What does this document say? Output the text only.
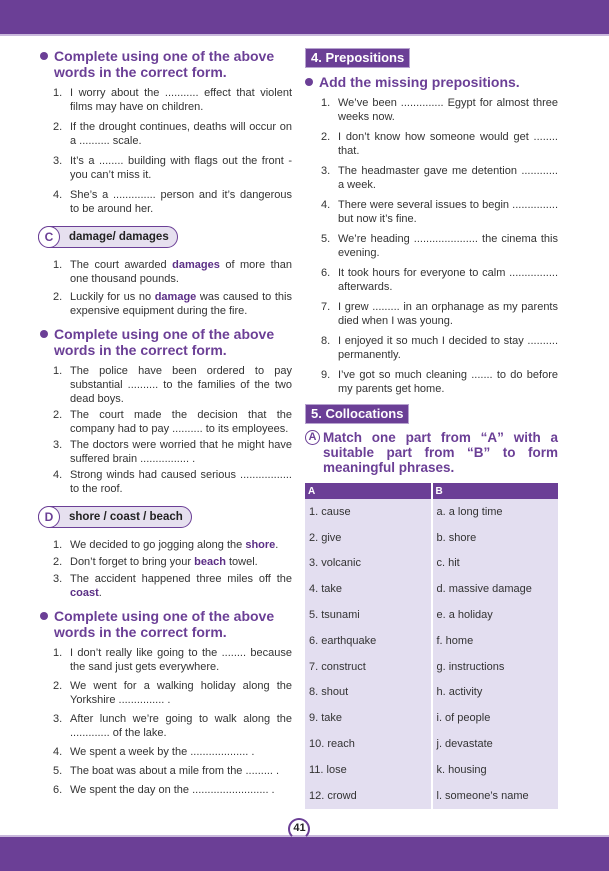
Complete using one of the above words in the correct form.
1. I worry about the ........... effect that violent films may have on children.
2. If the drought continues, deaths will occur on a .......... scale.
3. It’s a ........ building with flags out the front - you can’t miss it.
4. She’s a .............. person and it’s dangerous to be around her.
C	damage/ damages
1. The court awarded damages of more than one thousand pounds.
2. Luckily for us no damage was caused to this expensive equipment during the fire.
Complete using one of the above words in the correct form.
1. The police have been ordered to pay substantial .......... to the families of the two dead boys.
2. The court made the decision that the company had to pay .......... to its employees.
3. The doctors were worried that he might have suffered brain ................ .
4. Strong winds had caused serious ................. to the roof.
D	shore / coast / beach
1. We decided to go jogging along the shore.
2. Don’t forget to bring your beach towel.
3. The accident happened three miles off the coast.
Complete using one of the above words in the correct form.
1. I don’t really like going to the ........ because the sand just gets everywhere.
2. We went for a walking holiday along the Yorkshire ............... .
3. After lunch we’re going to walk along the ............. of the lake.
4. We spent a week by the ................... .
5. The boat was about a mile from the ......... .
6. We spent the day on the ......................... .
4. Prepositions
Add the missing prepositions.
1. We’ve been .............. Egypt for almost three weeks now.
2. I don’t know how someone would get ........ that.
3. The headmaster gave me detention ............ a week.
4. There were several issues to begin ............... but now it’s fine.
5. We’re heading ..................... the cinema this evening.
6. It took hours for everyone to calm ................ afterwards.
7. I grew ......... in an orphanage as my parents died when I was young.
8. I enjoyed it so much I decided to stay .......... permanently.
9. I’ve got so much cleaning ....... to do before my parents get home.
5. Collocations
A Match one part from “A” with a suitable part from “B” to form meaningful phrases.
A	B
1. cause	a. a long time
2. give	b. shore
3. volcanic	c. hit
4. take	d. massive damage
5. tsunami	e. a holiday
6. earthquake	f. home
7. construct	g. instructions
8. shout	h. activity
9. take	i. of people
10. reach	j. devastate
11. lose	k. housing
12. crowd	l. someone’s name
41
